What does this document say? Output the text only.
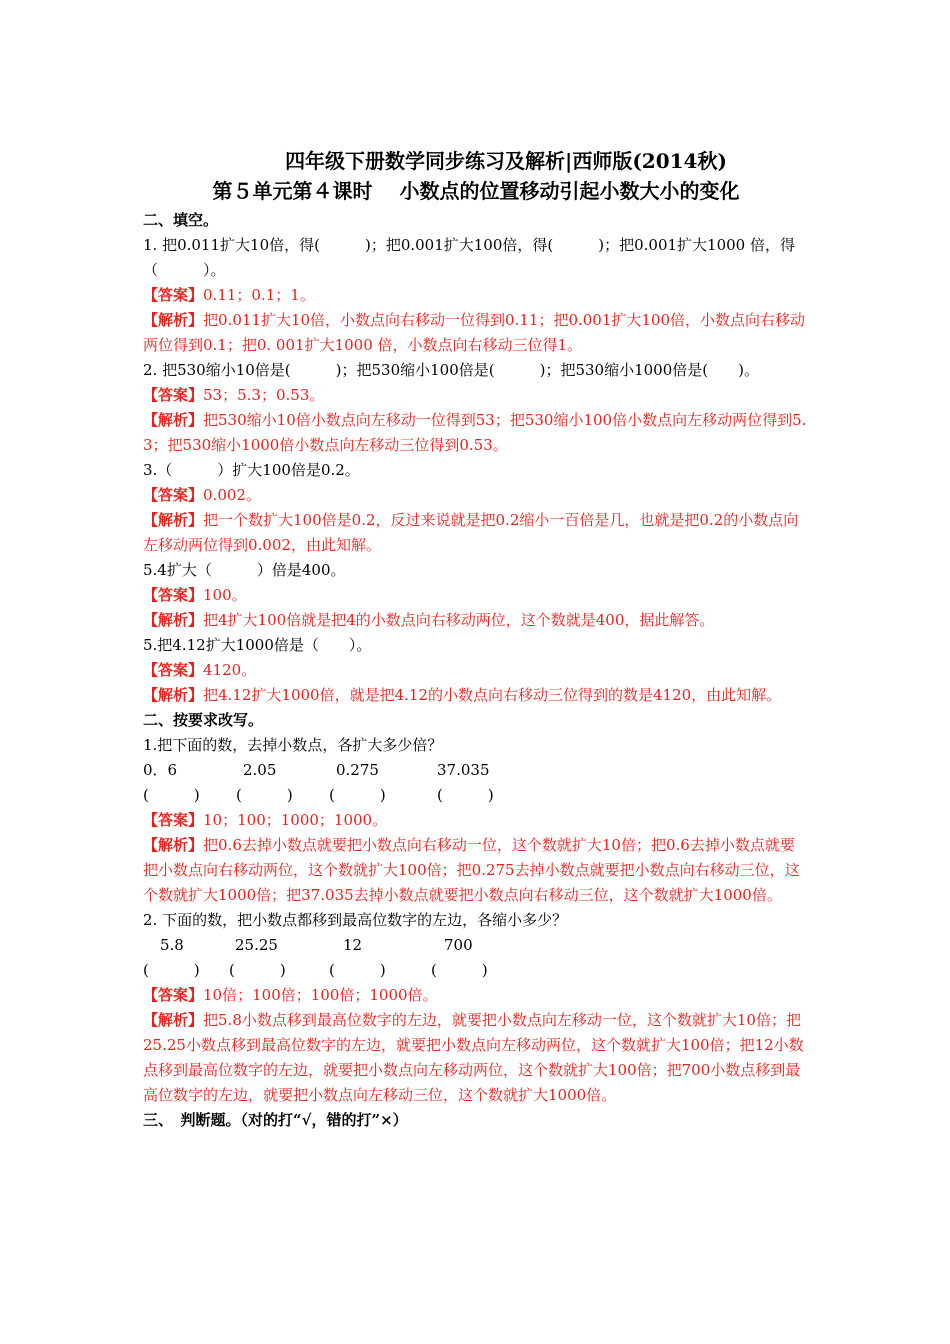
四年级下册数学同步练习及解析|西师版(2014秋)

第５单元第４课时　 小数点的位置移动引起小数大小的变化

二、填空。

1. 把0.011扩大10倍，得(　　　)；把0.001扩大100倍，得(　　　)；把0.001扩大1000 倍，得（　　　）。

【答案】0.11；0.1；1。

【解析】把0.011扩大10倍，小数点向右移动一位得到0.11；把0.001扩大100倍，小数点向右移动两位得到0.1；把0. 001扩大1000 倍，小数点向右移动三位得1。

2. 把530缩小10倍是(　　　)；把530缩小100倍是(　　　)；把530缩小1000倍是(　　)。

【答案】53；5.3；0.53。

【解析】把530缩小10倍小数点向左移动一位得到53；把530缩小100倍小数点向左移动两位得到5.3；把530缩小1000倍小数点向左移动三位得到0.53。

3.（　　　）扩大100倍是0.2。

【答案】0.002。

【解析】把一个数扩大100倍是0.2，反过来说就是把0.2缩小一百倍是几，也就是把0.2的小数点向左移动两位得到0.002，由此知解。

5.4扩大（　　　）倍是400。

【答案】100。

【解析】把4扩大100倍就是把4的小数点向右移动两位，这个数就是400，据此解答。

5.把4.12扩大1000倍是（　　）。

【答案】4120。

【解析】把4.12扩大1000倍，就是把4.12的小数点向右移动三位得到的数是4120，由此知解。

二、按要求改写。

1.把下面的数，去掉小数点，各扩大多少倍？

0．6	2.05	0.275	37.035
(　　　) (　　　) (　　　)	(　　　)

【答案】10；100；1000；1000。

【解析】把0.6去掉小数点就要把小数点向右移动一位，这个数就扩大10倍；把0.6去掉小数点就要把小数点向右移动两位，这个数就扩大100倍；把0.275去掉小数点就要把小数点向右移动三位，这个数就扩大1000倍；把37.035去掉小数点就要把小数点向右移动三位，这个数就扩大1000倍。

2. 下面的数，把小数点都移到最高位数字的左边，各缩小多少？

5.8	25.25	12	700
(　　　) (　　　)	(　　　)	(　　　)

【答案】10倍；100倍；100倍；1000倍。

【解析】把5.8小数点移到最高位数字的左边，就要把小数点向左移动一位，这个数就扩大10倍；把25.25小数点移到最高位数字的左边，就要把小数点向左移动两位，这个数就扩大100倍；把12小数点移到最高位数字的左边，就要把小数点向左移动两位，这个数就扩大100倍；把700小数点移到最高位数字的左边，就要把小数点向左移动三位，这个数就扩大1000倍。

三、　判断题。（对的打“√，错的打”×）
